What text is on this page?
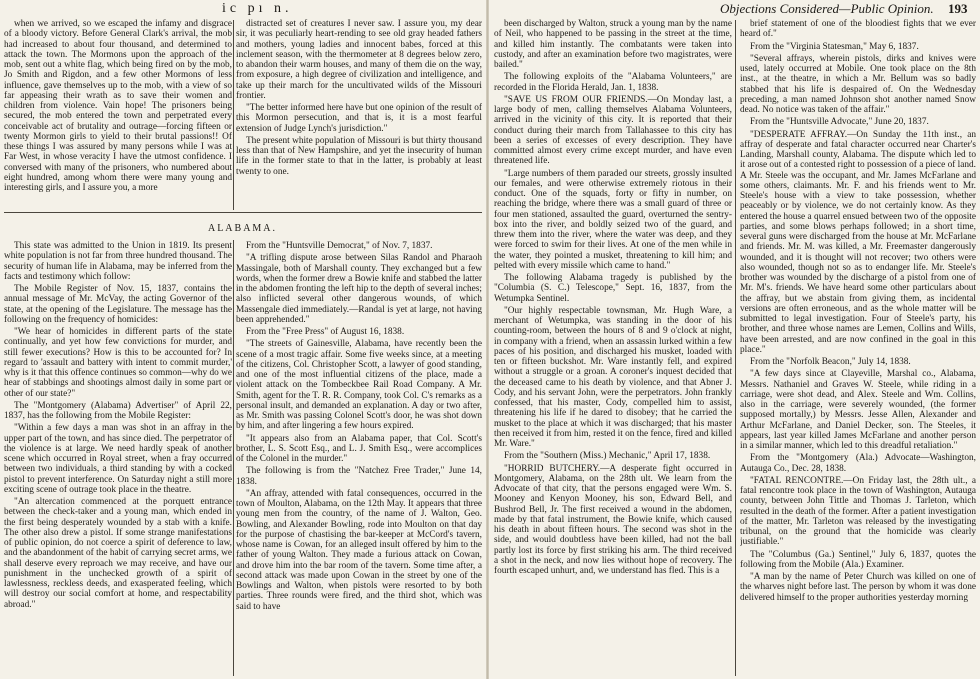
ic pı n.

when we arrived, so we escaped the infamy and disgrace of a bloody victory. Before General Clark's arrival, the mob had increased to about four thousand, and determined to attack the town. The Mormons upon the approach of the mob, sent out a white flag, which being fired on by the mob, Jo Smith and Rigdon, and a few other Mormons of less influence, gave themselves up to the mob, with a view of so far appeasing their wrath as to save their women and children from violence. Vain hope! The prisoners being secured, the mob entered the town and perpetrated every conceivable act of brutality and outrage—forcing fifteen or twenty Mormon girls to yield to their brutal passions!! Of these things I was assured by many persons while I was at Far West, in whose veracity I have the utmost confidence. I conversed with many of the prisoners, who numbered about eight hundred, among whom there were many young and interesting girls, and I assure you, a more

distracted set of creatures I never saw. I assure you, my dear sir, it was peculiarly heart-rending to see old gray headed fathers and mothers, young ladies and innocent babes, forced at this inclement season, with the thermometer at 8 degrees below zero, to abandon their warm houses, and many of them die on the way, from exposure, a high degree of civilization and intelligence, and take up their march for the uncultivated wilds of the Missouri frontier.

"The better informed here have but one opinion of the result of this Mormon persecution, and that is, it is a most fearful extension of Judge Lynch's jurisdiction."

The present white population of Missouri is but thirty thousand less than that of New Hampshire, and yet the insecurity of human life in the former state to that in the latter, is probably at least twenty to one.

ALABAMA.

This state was admitted to the Union in 1819. Its present white population is not far from three hundred thousand. The security of human life in Alabama, may be inferred from the facts and testimony which follow:

The Mobile Register of Nov. 15, 1837, contains the annual message of Mr. McVay, the acting Governor of the state, at the opening of the Legislature. The message has the following on the frequency of homicides:

"We hear of homicides in different parts of the state continually, and yet how few convictions for murder, and still fewer executions? How is this to be accounted for? In regard to 'assault and battery with intent to commit murder,' why is it that this offence continues so common—why do we hear of stabbings and shootings almost daily in some part or other of our state?"

The "Montgomery (Alabama) Advertiser" of April 22, 1837, has the following from the Mobile Register:

"Within a few days a man was shot in an affray in the upper part of the town, and has since died. The perpetrator of the violence is at large. We need hardly speak of another scene which occurred in Royal street, when a fray occurred between two individuals, a third standing by with a cocked pistol to prevent interference. On Saturday night a still more exciting scene of outrage took place in the theatre.

"An altercation commenced at the porquett entrance between the check-taker and a young man, which ended in the first being desperately wounded by a stab with a knife. The other also drew a pistol. If some strange manifestations of public opinion, do not coerce a spirit of deference to law, and the abandonment of the habit of carrying secret arms, we shall deserve every reproach we may receive, and have our punishment in the unchecked growth of a spirit of lawlessness, reckless deeds, and exasperated feeling, which will destroy our social comfort at home, and respectability abroad."

From the "Huntsville Democrat," of Nov. 7, 1837.

"A trifling dispute arose between Silas Randol and Pharaoh Massingale, both of Marshall county. They exchanged but a few words, when the former drew a Bowie knife and stabbed the latter in the abdomen fronting the left hip to the depth of several inches; also inflicted several other dangerous wounds, of which Massengale died immediately.—Randal is yet at large, not having been apprehended."

From the "Free Press" of August 16, 1838.

"The streets of Gainesville, Alabama, have recently been the scene of a most tragic affair. Some five weeks since, at a meeting of the citizens, Col. Christopher Scott, a lawyer of good standing, and one of the most influential citizens of the place, made a violent attack on the Tombeckbee Rail Road Company. A Mr. Smith, agent for the T. R. R. Company, took Col. C's remarks as a personal insult, and demanded an explanation. A day or two after, as Mr. Smith was passing Colonel Scott's door, he was shot down by him, and after lingering a few hours expired.

"It appears also from an Alabama paper, that Col. Scott's brother, L. S. Scott Esq., and L. J. Smith Esq., were accomplices of the Colonel in the murder."

The following is from the "Natchez Free Trader," June 14, 1838.

"An affray, attended with fatal consequences, occurred in the town of Moulton, Alabama, on the 12th May. It appears that three young men from the country, of the name of J. Walton, Geo. Bowling, and Alexander Bowling, rode into Moulton on that day for the purpose of chastising the bar-keeper at McCord's tavern, whose name is Cowan, for an alleged insult offered by him to the father of young Walton. They made a furious attack on Cowan, and drove him into the bar room of the tavern. Some time after, a second attack was made upon Cowan in the street by one of the Bowlings and Walton, when pistols were resorted to by both parties. Three rounds were fired, and the third shot, which was said to have

Objections Considered—Public Opinion. 193

been discharged by Walton, struck a young man by the name of Neil, who happened to be passing in the street at the time, and killed him instantly. The combatants were taken into custody, and after an examination before two magistrates, were bailed."

The following exploits of the "Alabama Volunteers," are recorded in the Florida Herald, Jan. 1, 1838.

"SAVE US FROM OUR FRIENDS.—On Monday last, a large body of men, calling themselves Alabama Volunteers, arrived in the vicinity of this city. It is reported that their conduct during their march from Tallahassee to this city has been a series of excesses of every description. They have committed almost every crime except murder, and have even threatened life.

"Large numbers of them paraded our streets, grossly insulted our females, and were otherwise extremely riotous in their conduct. One of the squads, forty or fifty in number, on reaching the bridge, where there was a small guard of three or four men stationed, assaulted the guard, overturned the sentry-box into the river, and boldly seized two of the guard, and threw them into the river, where the water was deep, and they were forced to swim for their lives. At one of the men while in the water, they pointed a musket, threatening to kill him; and pelted with every missile which came to hand."

The following Alabama tragedy is published by the "Columbia (S. C.) Telescope," Sept. 16, 1837, from the Wetumpka Sentinel.

"Our highly respectable townsman, Mr. Hugh Ware, a merchant of Wetumpka, was standing in the door of his counting-room, between the hours of 8 and 9 o'clock at night, in company with a friend, when an assassin lurked within a few paces of his position, and discharged his musket, loaded with ten or fifteen buckshot. Mr. Ware instantly fell, and expired without a struggle or a groan. A coroner's inquest decided that the deceased came to his death by violence, and that Abner J. Cody, and his servant John, were the perpetrators. John frankly confessed, that his master, Cody, compelled him to assist, threatening his life if he dared to disobey; that he carried the musket to the place at which it was discharged; that his master then received it from him, rested it on the fence, fired and killed Mr. Ware."

From the "Southern (Miss.) Mechanic," April 17, 1838.

"HORRID BUTCHERY.—A desperate fight occurred in Montgomery, Alabama, on the 28th ult. We learn from the Advocate of that city, that the persons engaged were Wm. S. Mooney and Kenyon Mooney, his son, Edward Bell, and Bushrod Bell, Jr. The first received a wound in the abdomen, made by that fatal instrument, the Bowie knife, which caused his death in about fifteen hours. The second was shot in the side, and would doubtless have been killed, had not the ball partly lost its force by first striking his arm. The third received a shot in the neck, and now lies without hope of recovery. The fourth escaped unhurt, and, we understand has fled. This is a

brief statement of one of the bloodiest fights that we ever heard of."

From the "Virginia Statesman," May 6, 1837.

"Several affrays, wherein pistols, dirks and knives were used, lately occurred at Mobile. One took place on the 8th inst., at the theatre, in which a Mr. Bellum was so badly stabbed that his life is despaired of. On the Wednesday preceding, a man named Johnson shot another named Snow dead. No notice was taken of the affair."

From the "Huntsville Advocate," June 20, 1837.

"DESPERATE AFFRAY.—On Sunday the 11th inst., an affray of desperate and fatal character occurred near Charter's Landing, Marshall county, Alabama. The dispute which led to it arose out of a contested right to possession of a piece of land. A Mr. Steele was the occupant, and Mr. James McFarlane and some others, claimants. Mr. F. and his friends went to Mr. Steele's house with a view to take possession, whether peaceably or by violence, we do not certainly know. As they entered the house a quarrel ensued between two of the opposite parties, and some blows perhaps followed; in a short time, several guns were discharged from the house at Mr. McFarlane and friends. Mr. M. was killed, a Mr. Freemaster dangerously wounded, and it is thought will not recover; two others were also wounded, though not so as to endanger life. Mr. Steele's brother was wounded by the discharge of a pistol from one of Mr. M's. friends. We have heard some other particulars about the affray, but we abstain from giving them, as incidental versions are often erroneous, and as the whole matter will be submitted to legal investigation. Four of Steele's party, his brother, and three whose names are Lemen, Collins and Wills, have been arrested, and are now confined in the goal in this place."

From the "Norfolk Beacon," July 14, 1838.

"A few days since at Clayeville, Marshal co., Alabama, Messrs. Nathaniel and Graves W. Steele, while riding in a carriage, were shot dead, and Alex. Steele and Wm. Collins, also in the carriage, were severely wounded, (the former supposed mortally,) by Messrs. Jesse Allen, Alexander and Arthur McFarlane, and Daniel Decker, son. The Steeles, it appears, last year killed James McFarlane and another person in a similar manner, which led to this dreadful retaliation."

From the "Montgomery (Ala.) Advocate—Washington, Autauga Co., Dec. 28, 1838.

"FATAL RENCONTRE.—On Friday last, the 28th ult., a fatal rencontre took place in the town of Washington, Autauga county, between John Tittle and Thomas J. Tarleton, which resulted in the death of the former. After a patient investigation of the matter, Mr. Tarleton was released by the investigating tribunal, on the ground that the homicide was clearly justifiable."

The "Columbus (Ga.) Sentinel," July 6, 1837, quotes the following from the Mobile (Ala.) Examiner.

"A man by the name of Peter Church was killed on one of the wharves night before last. The person by whom it was done delivered himself to the proper authorities yesterday morning
